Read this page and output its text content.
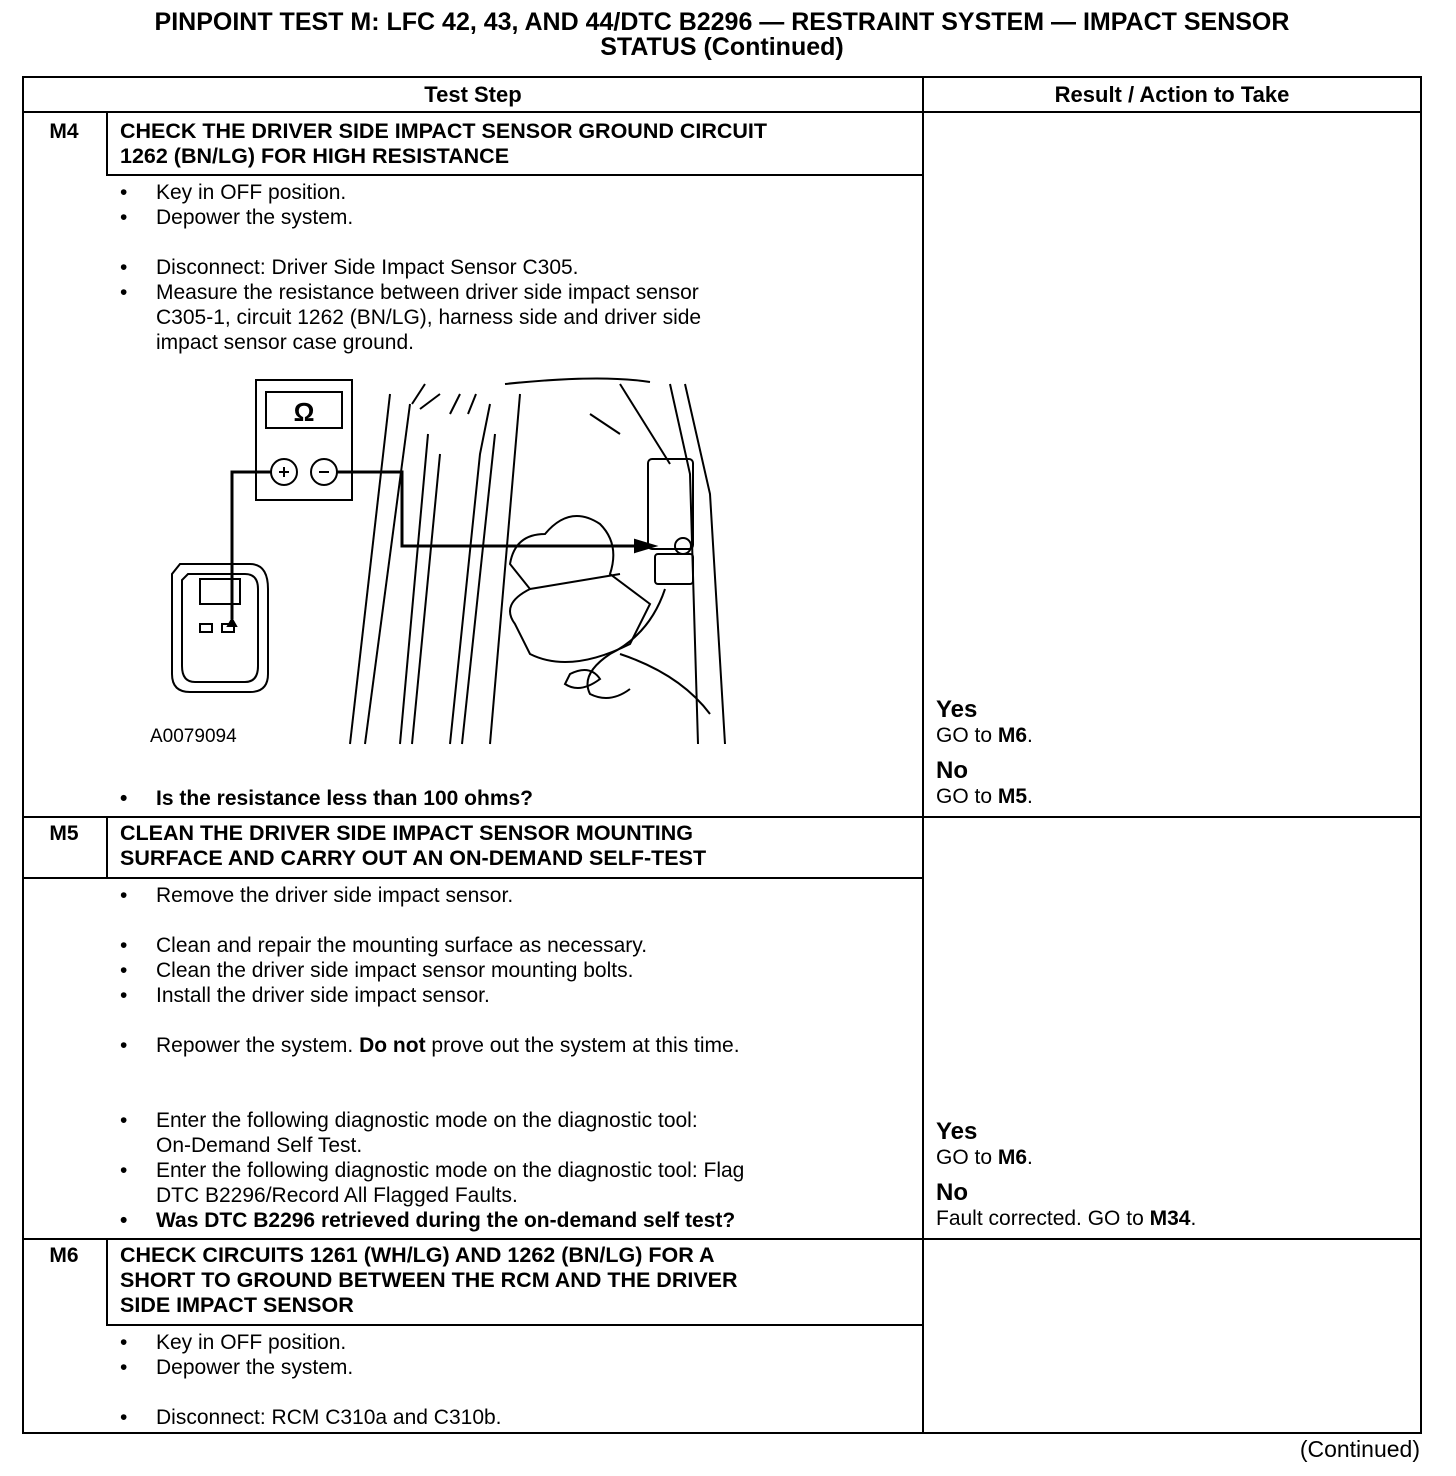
PINPOINT TEST M: LFC 42, 43, AND 44/DTC B2296 — RESTRAINT SYSTEM — IMPACT SENSOR
STATUS (Continued)
Test Step	Result / Action to Take
M4	CHECK THE DRIVER SIDE IMPACT SENSOR GROUND CIRCUIT
1262 (BN/LG) FOR HIGH RESISTANCE
• Key in OFF position.
• Depower the system.
• Disconnect: Driver Side Impact Sensor C305.
• Measure the resistance between driver side impact sensor
C305-1, circuit 1262 (BN/LG), harness side and driver side
impact sensor case ground.
• Is the resistance less than 100 ohms?
Yes
GO to M6.
No
GO to M5.
M5	CLEAN THE DRIVER SIDE IMPACT SENSOR MOUNTING
SURFACE AND CARRY OUT AN ON-DEMAND SELF-TEST
• Remove the driver side impact sensor.
• Clean and repair the mounting surface as necessary.
• Clean the driver side impact sensor mounting bolts.
• Install the driver side impact sensor.
• Repower the system. Do not prove out the system at this time.
• Enter the following diagnostic mode on the diagnostic tool:
On-Demand Self Test.
• Enter the following diagnostic mode on the diagnostic tool: Flag
DTC B2296/Record All Flagged Faults.
• Was DTC B2296 retrieved during the on-demand self test?
Yes
GO to M6.
No
Fault corrected. GO to M34.
M6	CHECK CIRCUITS 1261 (WH/LG) AND 1262 (BN/LG) FOR A
SHORT TO GROUND BETWEEN THE RCM AND THE DRIVER
SIDE IMPACT SENSOR
• Key in OFF position.
• Depower the system.
• Disconnect: RCM C310a and C310b.
Ω
A0079094
(Continued)
